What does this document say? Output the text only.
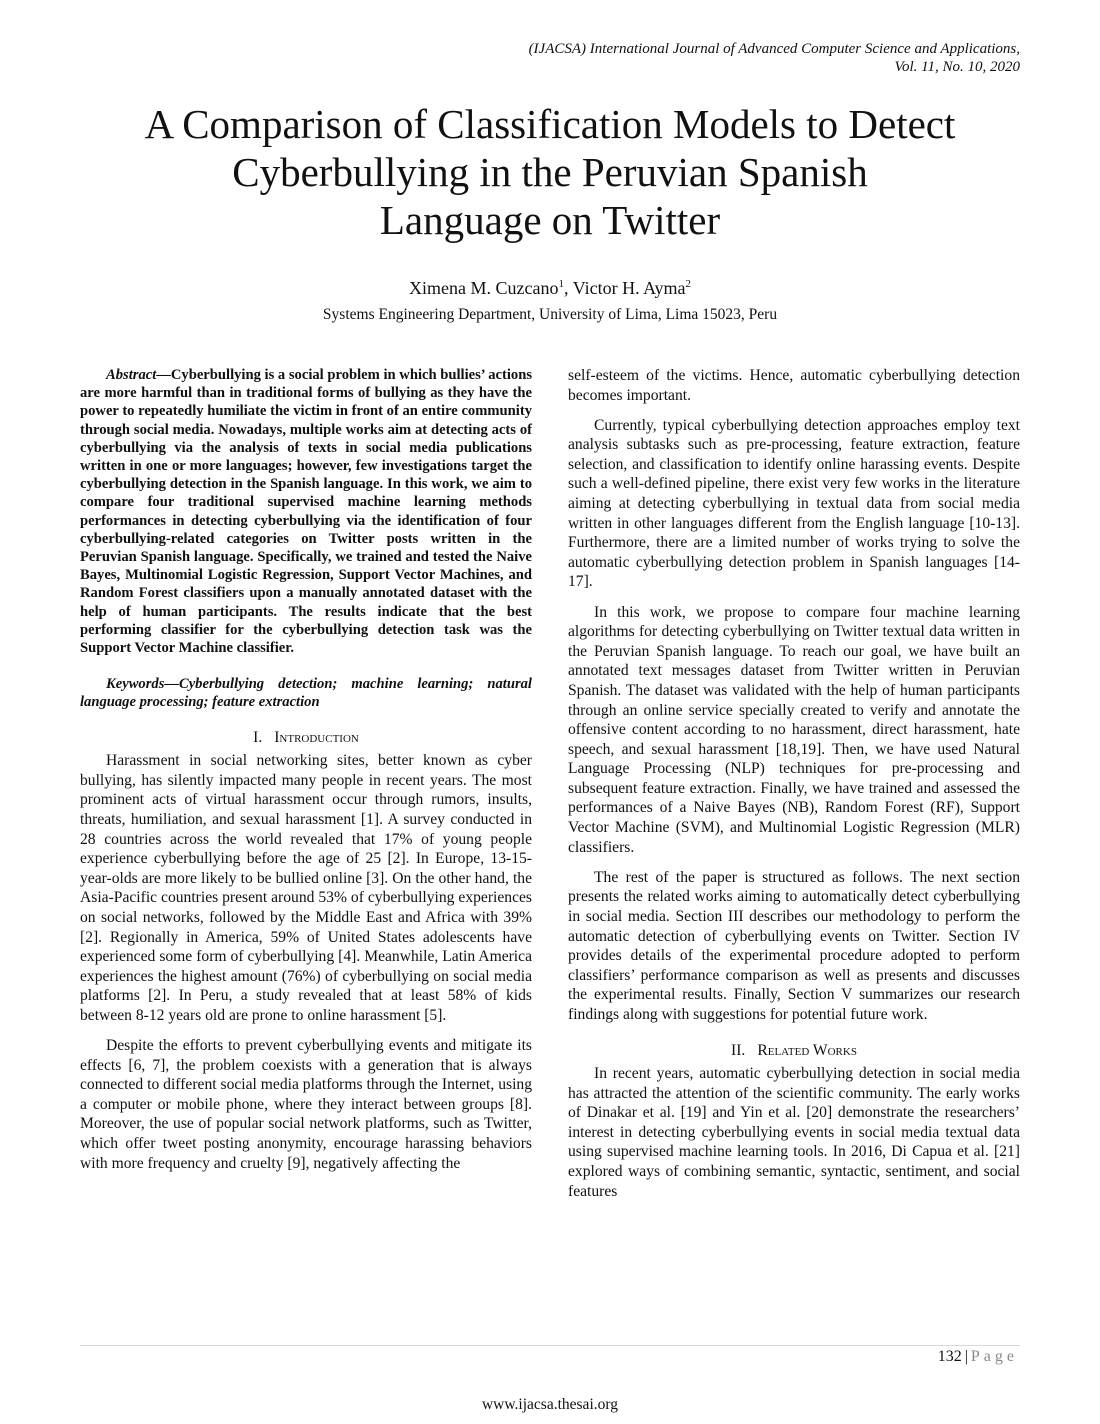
(IJACSA) International Journal of Advanced Computer Science and Applications,
Vol. 11, No. 10, 2020
A Comparison of Classification Models to Detect
Cyberbullying in the Peruvian Spanish
Language on Twitter
Ximena M. Cuzcano$^1$, Victor H. Ayma$^2$
Systems Engineering Department, University of Lima, Lima 15023, Peru

Abstract—Cyberbullying is a social problem in which bullies’ actions are more harmful than in traditional forms of bullying as they have the power to repeatedly humiliate the victim in front of an entire community through social media. Nowadays, multiple works aim at detecting acts of cyberbullying via the analysis of texts in social media publications written in one or more languages; however, few investigations target the cyberbullying detection in the Spanish language. In this work, we aim to compare four traditional supervised machine learning methods performances in detecting cyberbullying via the identification of four cyberbullying-related categories on Twitter posts written in the Peruvian Spanish language. Specifically, we trained and tested the Naive Bayes, Multinomial Logistic Regression, Support Vector Machines, and Random Forest classifiers upon a manually annotated dataset with the help of human participants. The results indicate that the best performing classifier for the cyberbullying detection task was the Support Vector Machine classifier.

Keywords—Cyberbullying detection; machine learning; natural language processing; feature extraction

I. Introduction

Harassment in social networking sites, better known as cyber bullying, has silently impacted many people in recent years. The most prominent acts of virtual harassment occur through rumors, insults, threats, humiliation, and sexual harassment [1]. A survey conducted in 28 countries across the world revealed that 17% of young people experience cyberbullying before the age of 25 [2]. In Europe, 13-15-year-olds are more likely to be bullied online [3]. On the other hand, the Asia-Pacific countries present around 53% of cyberbullying experiences on social networks, followed by the Middle East and Africa with 39% [2]. Regionally in America, 59% of United States adolescents have experienced some form of cyberbullying [4]. Meanwhile, Latin America experiences the highest amount (76%) of cyberbullying on social media platforms [2]. In Peru, a study revealed that at least 58% of kids between 8-12 years old are prone to online harassment [5].

Despite the efforts to prevent cyberbullying events and mitigate its effects [6, 7], the problem coexists with a generation that is always connected to different social media platforms through the Internet, using a computer or mobile phone, where they interact between groups [8]. Moreover, the use of popular social network platforms, such as Twitter, which offer tweet posting anonymity, encourage harassing behaviors with more frequency and cruelty [9], negatively affecting the

self-esteem of the victims. Hence, automatic cyberbullying detection becomes important.

Currently, typical cyberbullying detection approaches employ text analysis subtasks such as pre-processing, feature extraction, feature selection, and classification to identify online harassing events. Despite such a well-defined pipeline, there exist very few works in the literature aiming at detecting cyberbullying in textual data from social media written in other languages different from the English language [10-13]. Furthermore, there are a limited number of works trying to solve the automatic cyberbullying detection problem in Spanish languages [14-17].

In this work, we propose to compare four machine learning algorithms for detecting cyberbullying on Twitter textual data written in the Peruvian Spanish language. To reach our goal, we have built an annotated text messages dataset from Twitter written in Peruvian Spanish. The dataset was validated with the help of human participants through an online service specially created to verify and annotate the offensive content according to no harassment, direct harassment, hate speech, and sexual harassment [18,19]. Then, we have used Natural Language Processing (NLP) techniques for pre-processing and subsequent feature extraction. Finally, we have trained and assessed the performances of a Naive Bayes (NB), Random Forest (RF), Support Vector Machine (SVM), and Multinomial Logistic Regression (MLR) classifiers.

The rest of the paper is structured as follows. The next section presents the related works aiming to automatically detect cyberbullying in social media. Section III describes our methodology to perform the automatic detection of cyberbullying events on Twitter. Section IV provides details of the experimental procedure adopted to perform classifiers’ performance comparison as well as presents and discusses the experimental results. Finally, Section V summarizes our research findings along with suggestions for potential future work.

II. Related Works

In recent years, automatic cyberbullying detection in social media has attracted the attention of the scientific community. The early works of Dinakar et al. [19] and Yin et al. [20] demonstrate the researchers’ interest in detecting cyberbullying events in social media textual data using supervised machine learning tools. In 2016, Di Capua et al. [21] explored ways of combining semantic, syntactic, sentiment, and social features

132 | Page
www.ijacsa.thesai.org
